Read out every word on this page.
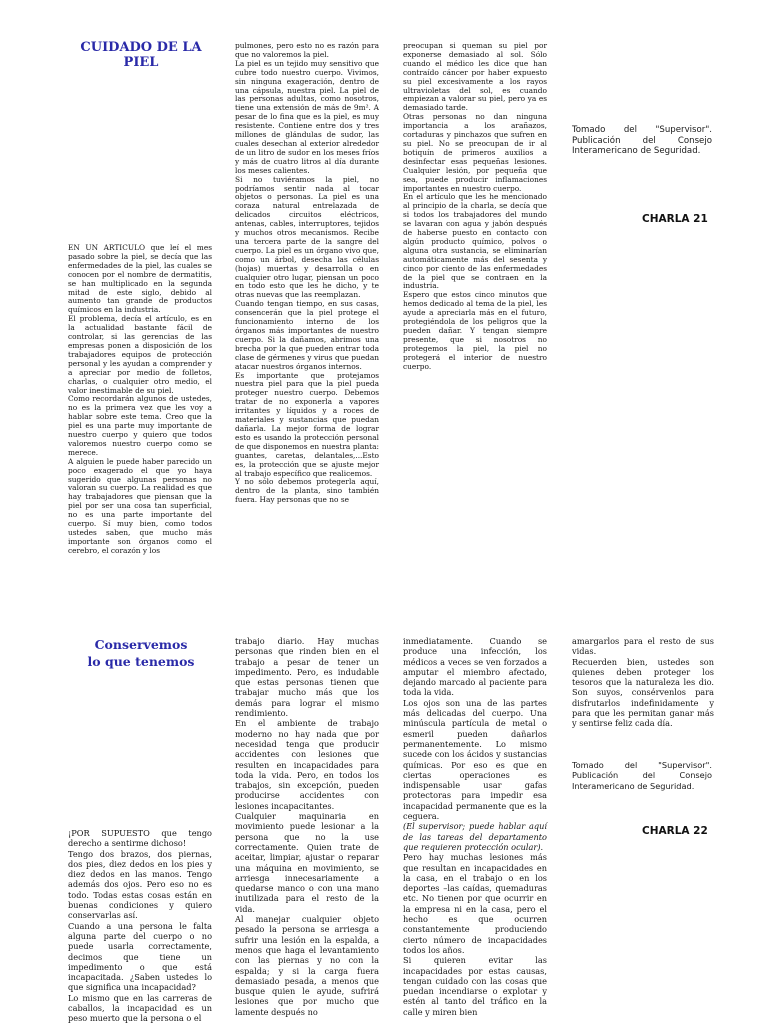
CUIDADO DE LA PIEL

EN UN ARTICULO que leí el mes pasado sobre la piel, se decía que las enfermedades de la piel, las cuales se conocen por el nombre de dermatitis, se han multiplicado en la segunda mitad de este siglo, debido al aumento tan grande de productos químicos en la industria.

El problema, decía el artículo, es en la actualidad bastante fácil de controlar, si las gerencias de las empresas ponen a disposición de los trabajadores equipos de protección personal y les ayudan a comprender y a apreciar por medio de folletos, charlas, o cualquier otro medio, el valor inestimable de su piel.

Como recordarán algunos de ustedes, no es la primera vez que les voy a hablar sobre este tema. Creo que la piel es una parte muy importante de nuestro cuerpo y quiero que todos valoremos nuestro cuerpo como se merece.

A alguien le puede haber parecido un poco exagerado el que yo haya sugerido que algunas personas no valoran su cuerpo. La realidad es que hay trabajadores que piensan que la piel por ser una cosa tan superficial, no es una parte importante del cuerpo. Sí muy bien, como todos ustedes saben, que mucho más importante son órganos como el cerebro, el corazón y los

pulmones, pero esto no es razón para que no valoremos la piel.

La piel es un tejido muy sensitivo que cubre todo nuestro cuerpo. Vivimos, sin ninguna exageración, dentro de una cápsula, nuestra piel. La piel de las personas adultas, como nosotros, tiene una extensión de más de 9m². A pesar de lo fina que es la piel, es muy resistente. Contiene entre dos y tres millones de glándulas de sudor, las cuales desechan al exterior alrededor de un litro de sudor en los meses fríos y más de cuatro litros al día durante los meses calientes.

Si no tuviéramos la piel, no podríamos sentir nada al tocar objetos o personas. La piel es una coraza natural entrelazada de delicados circuitos eléctricos, antenas, cables, interruptores, tejidos y muchos otros mecanismos. Recibe una tercera parte de la sangre del cuerpo. La piel es un órgano vivo que, como un árbol, desecha las células (hojas) muertas y desarrolla o en cualquier otro lugar, piensan un poco en todo esto que les he dicho, y te otras nuevas que las reemplazan.

Cuando tengan tiempo, en sus casas, consencerán que la piel protege el funcionamiento interno de los órganos más importantes de nuestro cuerpo. Si la dañamos, abrimos una brecha por la que pueden entrar toda clase de gérmenes y virus que puedan atacar nuestros órganos internos.

Es importante que protejamos nuestra piel para que la piel pueda proteger nuestro cuerpo. Debemos tratar de no exponerla a vapores irritantes y líquidos y a roces de materiales y sustancias que puedan dañarla. La mejor forma de lograr esto es usando la protección personal de que disponemos en nuestra planta: guantes, caretas, delantales,...Esto es, la protección que se ajuste mejor al trabajo específico que realicemos.

Y no sólo debemos protegerla aquí, dentro de la planta, sino también fuera. Hay personas que no se

preocupan si queman su piel por exponerse demasiado al sol. Sólo cuando el médico les dice que han contraído cáncer por haber expuesto su piel excesivamente a los rayos ultravioletas del sol, es cuando empiezan a valorar su piel, pero ya es demasiado tarde.

Otras personas no dan ninguna importancia a los arañazos, cortaduras y pinchazos que sufren en su piel. No se preocupan de ir al botiquín de primeros auxilios a desinfectar esas pequeñas lesiones. Cualquier lesión, por pequeña que sea, puede producir inflamaciones importantes en nuestro cuerpo.

En el artículo que les he mencionado al principio de la charla, se decía que si todos los trabajadores del mundo se lavaran con agua y jabón después de haberse puesto en contacto con algún producto químico, polvos o alguna otra sustancia, se eliminarían automáticamente más del sesenta y cinco por ciento de las enfermedades de la piel que se contraen en la industria.

Espero que estos cinco minutos que hemos dedicado al tema de la piel, les ayude a apreciarla más en el futuro, protegiéndola de los peligros que la pueden dañar. Y tengan siempre presente, que si nosotros no protegemos la piel, la piel no protegerá el interior de nuestro cuerpo.

Tomado del "Supervisor". Publicación del Consejo Interamericano de Seguridad.

CHARLA 21

Conservemos
lo que tenemos

¡POR SUPUESTO que tengo derecho a sentirme dichoso!

Tengo dos brazos, dos piernas, dos pies, diez dedos en los pies y diez dedos en las manos. Tengo además dos ojos. Pero eso no es todo. Todas estas cosas están en buenas condiciones y quiero conservarlas así.

Cuando a una persona le falta alguna parte del cuerpo o no puede usarla correctamente, decimos que tiene un impedimento o que está incapacitada. ¿Saben ustedes lo que significa una incapacidad?

Lo mismo que en las carreras de caballos, la incapacidad es un peso muerto que la persona o el

trabajo diario. Hay muchas personas que rinden bien en el trabajo a pesar de tener un impedimento. Pero, es indudable que estas personas tienen que trabajar mucho más que los demás para lograr el mismo rendimiento.

En el ambiente de trabajo moderno no hay nada que por necesidad tenga que producir accidentes con lesiones que resulten en incapacidades para toda la vida. Pero, en todos los trabajos, sin excepción, pueden producirse accidentes con lesiones incapacitantes.

Cualquier maquinaria en movimiento puede lesionar a la persona que no la use correctamente. Quien trate de aceitar, limpiar, ajustar o reparar una máquina en movimiento, se arriesga innecesariamente a quedarse manco o con una mano inutilizada para el resto de la vida.

Al manejar cualquier objeto pesado la persona se arriesga a sufrir una lesión en la espalda, a menos que haga el levantamiento con las piernas y no con la espalda; y si la carga fuera demasiado pesada, a menos que busque quien le ayude, sufrirá lesiones que por mucho que lamente después no

inmediatamente. Cuando se produce una infección, los médicos a veces se ven forzados a amputar el miembro afectado, dejando marcado al paciente para toda la vida.

Los ojos son una de las partes más delicadas del cuerpo. Una minúscula partícula de metal o esmeril pueden dañarlos permanentemente. Lo mismo sucede con los ácidos y sustancias químicas. Por eso es que en ciertas operaciones es indispensable usar gafas protectoras para impedir esa incapacidad permanente que es la ceguera.

(El supervisor; puede hablar aquí de las tareas del departamento que requieren protección ocular).

Pero hay muchas lesiones más que resultan en incapacidades en la casa, en el trabajo o en los deportes –las caídas, quemaduras etc. No tienen por que ocurrir en la empresa ni en la casa, pero el hecho es que ocurren constantemente produciendo cierto número de incapacidades todos los años.

Si quieren evitar las incapacidades por estas causas, tengan cuidado con las cosas que puedan incendiarse o explotar y estén al tanto del tráfico en la calle y miren bien

amargarlos para el resto de sus vidas.

Recuerden bien, ustedes son quienes deben proteger los tesoros que la naturaleza les dio. Son suyos, consérvenlos para disfrutarlos indefinidamente y para que les permitan ganar más y sentirse feliz cada día.

Tomado del "Supervisor". Publicación del Consejo Interamericano de Seguridad.

CHARLA 22
